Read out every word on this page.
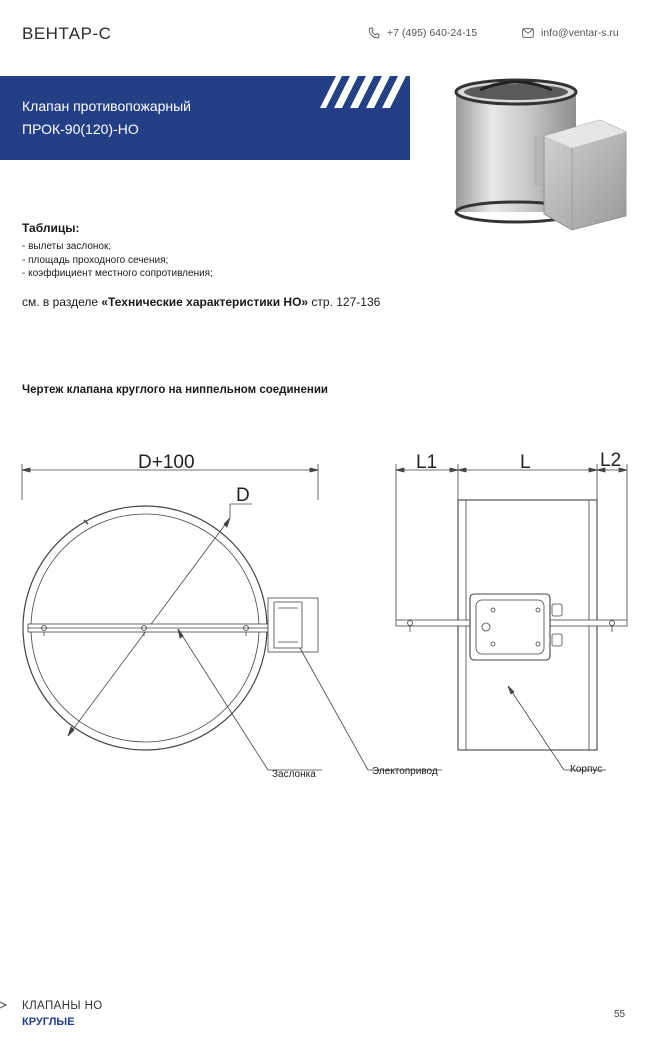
ВЕНТАР-С	+7 (495) 640-24-15	info@ventar-s.ru
Клапан противопожарный
ПРОК-90(120)-НО
Таблицы:
- вылеты заслонок;
- площадь проходного сечения;
- коэффициент местного сопротивления;
см. в разделе «Технические характеристики НО» стр. 127-136
Чертеж клапана круглого на ниппельном соединении
D+100
D
L1	L	L2
Заслонка	Электопривод	Корпус
КЛАПАНЫ НО
КРУГЛЫЕ
55
